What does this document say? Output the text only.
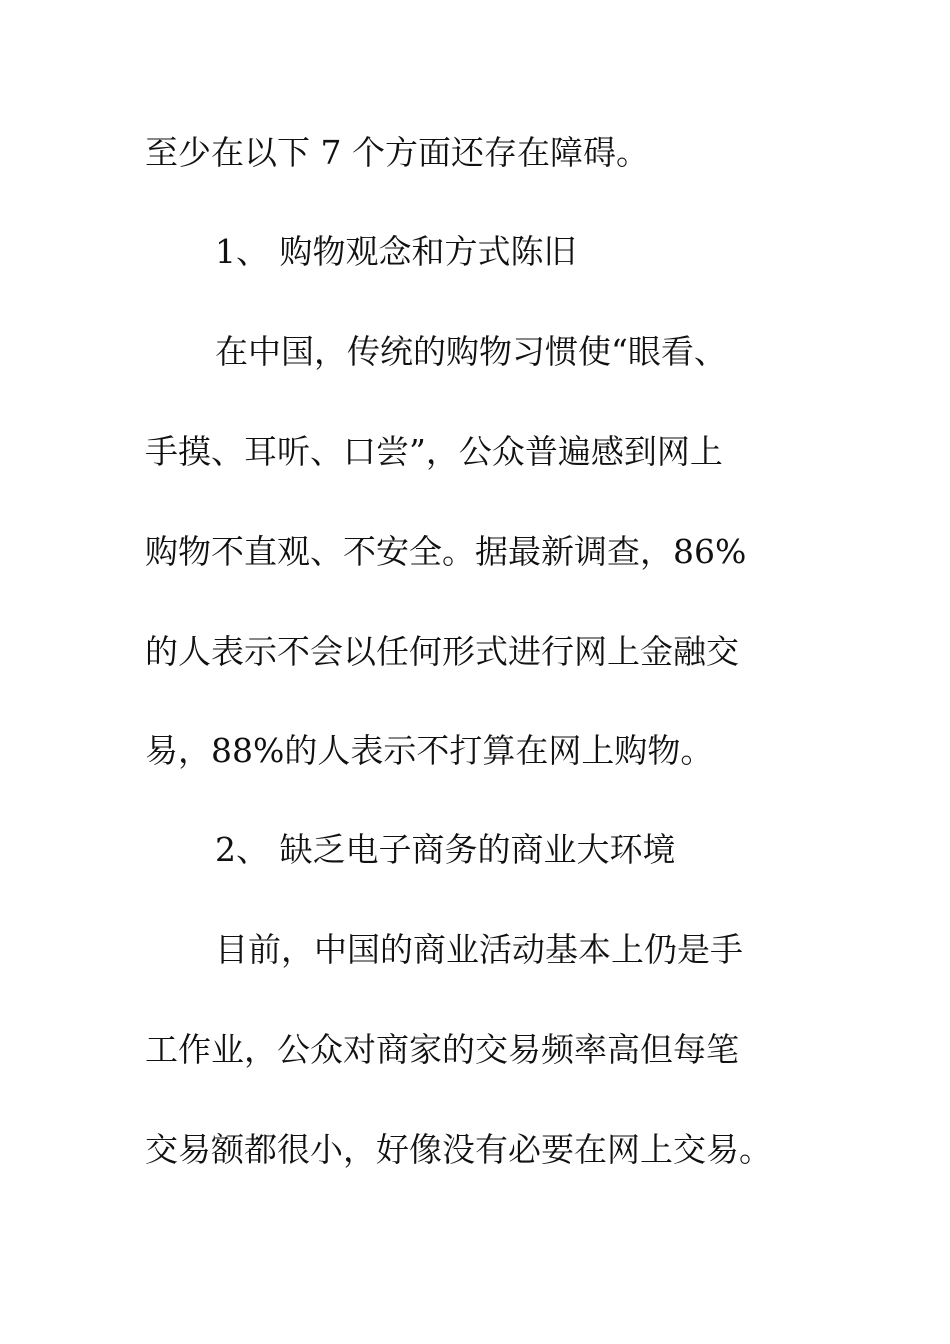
至少在以下 7 个方面还存在障碍。
1、 购物观念和方式陈旧
在中国，传统的购物习惯使“眼看、
手摸、耳听、口尝”，公众普遍感到网上
购物不直观、不安全。据最新调查，86%
的人表示不会以任何形式进行网上金融交
易，88%的人表示不打算在网上购物。
2、 缺乏电子商务的商业大环境
目前，中国的商业活动基本上仍是手
工作业，公众对商家的交易频率高但每笔
交易额都很小，好像没有必要在网上交易。
